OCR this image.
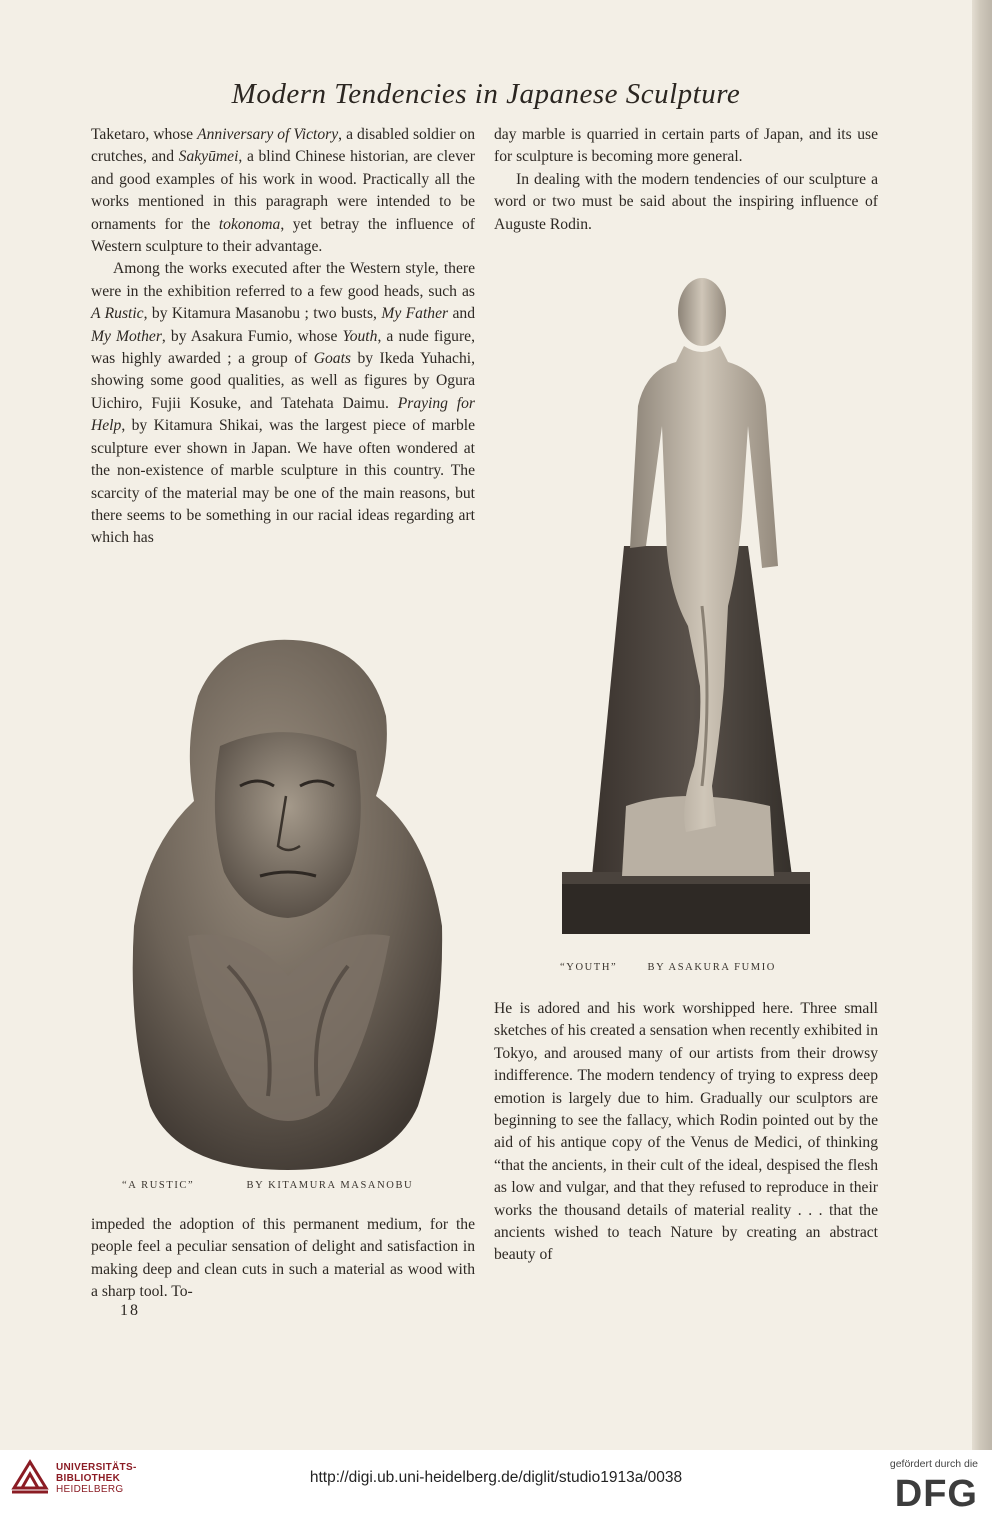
Modern Tendencies in Japanese Sculpture

Taketaro, whose Anniversary of Victory, a disabled soldier on crutches, and Sakyūmei, a blind Chinese historian, are clever and good examples of his work in wood. Practically all the works mentioned in this paragraph were intended to be ornaments for the tokonoma, yet betray the influence of Western sculpture to their advantage.

Among the works executed after the Western style, there were in the exhibition referred to a few good heads, such as A Rustic, by Kitamura Masanobu ; two busts, My Father and My Mother, by Asakura Fumio, whose Youth, a nude figure, was highly awarded ; a group of Goats by Ikeda Yuhachi, showing some good qualities, as well as figures by Ogura Uichiro, Fujii Kosuke, and Tatehata Daimu. Praying for Help, by Kitamura Shikai, was the largest piece of marble sculpture ever shown in Japan. We have often wondered at the non-existence of marble sculpture in this country. The scarcity of the material may be one of the main reasons, but there seems to be something in our racial ideas regarding art which has

“A RUSTIC”	BY KITAMURA MASANOBU

impeded the adoption of this permanent medium, for the people feel a peculiar sensation of delight and satisfaction in making deep and clean cuts in such a material as wood with a sharp tool. To-

18

day marble is quarried in certain parts of Japan, and its use for sculpture is becoming more general.

In dealing with the modern tendencies of our sculpture a word or two must be said about the inspiring influence of Auguste Rodin.

“YOUTH”	BY ASAKURA FUMIO

He is adored and his work worshipped here. Three small sketches of his created a sensation when recently exhibited in Tokyo, and aroused many of our artists from their drowsy indifference. The modern tendency of trying to express deep emotion is largely due to him. Gradually our sculptors are beginning to see the fallacy, which Rodin pointed out by the aid of his antique copy of the Venus de Medici, of thinking “that the ancients, in their cult of the ideal, despised the flesh as low and vulgar, and that they refused to reproduce in their works the thousand details of material reality . . . that the ancients wished to teach Nature by creating an abstract beauty of

UNIVERSITÄTS-
BIBLIOTHEK
HEIDELBERG
http://digi.ub.uni-heidelberg.de/diglit/studio1913a/0038
gefördert durch die
DFG
